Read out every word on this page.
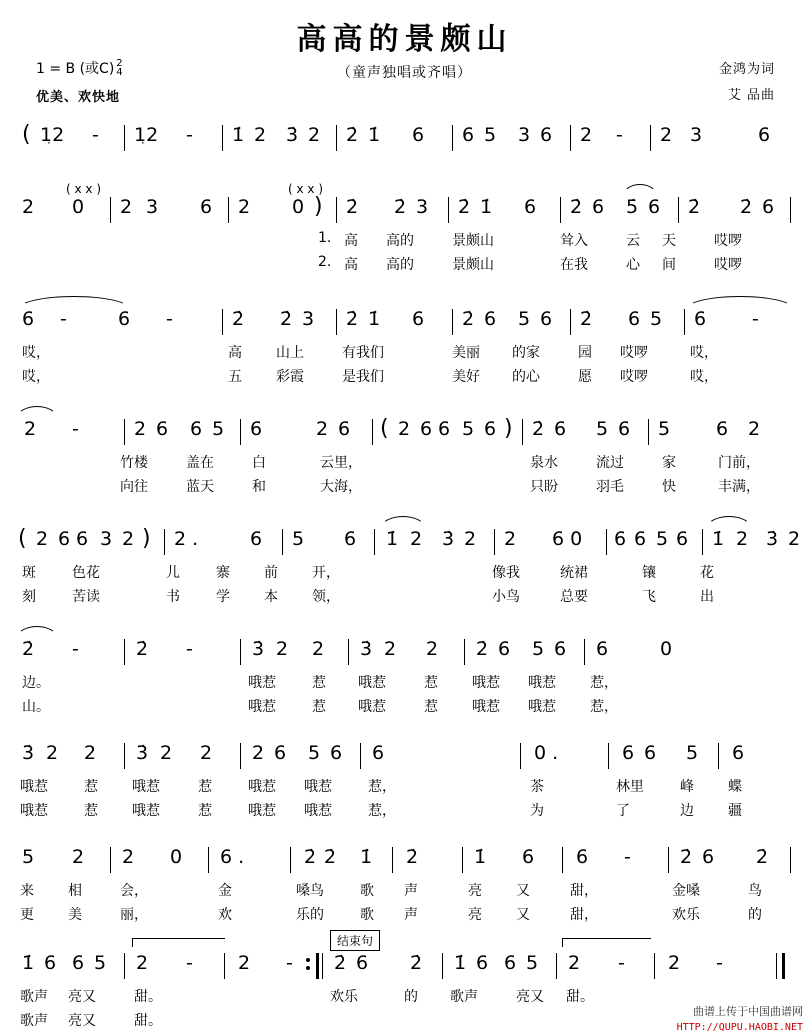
高高的景颇山
（童声独唱或齐唱）
1 = B (或C) 2
4
优美、欢快地
金鸿为词
艾 品曲
( 12 - 12 - 1̇ 2 3̇ 2 2̇ 1̇ 6 6 5 3 6 2 - 2 3	6
( x x )	( x x )
2 0 2 3 6 2 0 ) 2̇ 2̇ 3 2̇ 1̇ 6 2̇ 6 5̇ 6 2̇ 2̇ 6
1. 高 高的	景颇山	耸入	云 天	哎啰
2. 高 高的	景颇山	在我	心 间	哎啰
6 -	6 -	2̇ 2̇ 3 2̇ 1̇ 6 2̇ 6 5 6 2̇ 6 5 6 -
哎，	高 山上	有我们	美丽 的家	园 哎啰	哎，
哎，	五 彩霞	是我们	美好 的心	愿 哎啰	哎，
2 -	2 6 6 5 6	2 6 ( 2 6 6 5 6 ) 2̇ 6 5 6 5 6 2
竹楼	盖在	白	云里，	泉水	流过	家	门前，
向往	蓝天	和	大海，	只盼	羽毛	快	丰满，
( 2 6 6 3 2 ) 2 .	6 5 6 1̇ 2 3̇ 2 2 6 0 6 6 5 6 1̇ 2 3̇ 2
斑	色花	儿	寨 前 开，	像我	统裙	镶	花
刻	苦读	书	学 本 领，	小鸟	总要	飞	出
2̇ -	2̇ -	3̇ 2 2 3̇ 2 2 2̇ 6 5 6 6	0
边。	哦惹	惹 哦惹	惹 哦惹 哦惹 惹，
山。	哦惹	惹 哦惹	惹 哦惹 哦惹 惹，
3̇ 2 2 3̇ 2 2 2 6 5 6 6	0 .	6 6 5 6
哦惹	惹 哦惹	惹	哦惹 哦惹	惹，	茶	林里	峰 蝶
哦惹	惹 哦惹	惹	哦惹 哦惹	惹，	为	了	边 疆
5 2 2 0 6 .	2̇ 2̇ 1̇ 2̇	1̇ 6 6 -	2̇ 6 2̇
来 相	会，	金	嗓鸟	歌 声	亮 又	甜，	金嗓	鸟
更 美	丽，	欢	乐的	歌 声	亮 又	甜，	欢乐	的
结束句
1̇ 6 6 5 2 - 2 - 2̇ 6 2̇ 1̇ 6 6 5 2 - 2 -
歌声 亮又	甜。	欢乐	的 歌声	亮又 甜。
歌声 亮又	甜。
曲谱上传于中国曲谱网
HTTP://QUPU.HAOBI.NET
